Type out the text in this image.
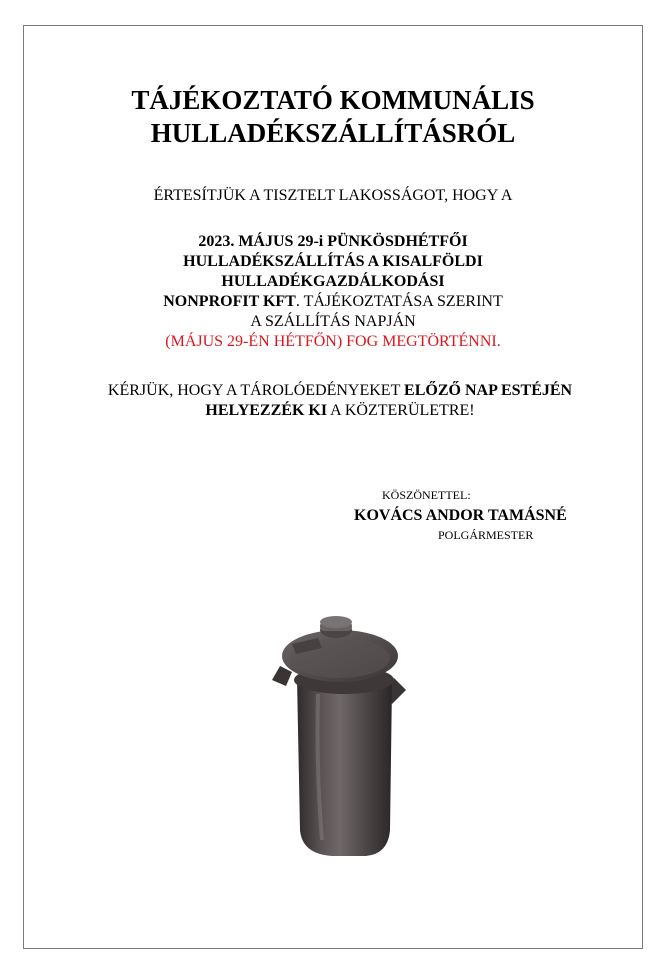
TÁJÉKOZTATÓ KOMMUNÁLIS
HULLADÉKSZÁLLÍTÁSRÓL

ÉRTESÍTJÜK A TISZTELT LAKOSSÁGOT, HOGY A

2023. MÁJUS 29-i PÜNKÖSDHÉTFŐI
HULLADÉKSZÁLLÍTÁS A KISALFÖLDI
HULLADÉKGAZDÁLKODÁSI
NONPROFIT KFT. TÁJÉKOZTATÁSA SZERINT
A SZÁLLÍTÁS NAPJÁN
(MÁJUS 29-ÉN HÉTFŐN) FOG MEGTÖRTÉNNI.

KÉRJÜK, HOGY A TÁROLÓEDÉNYEKET ELŐZŐ NAP ESTÉJÉN
HELYEZZÉK KI A KÖZTERÜLETRE!

KÖSZÖNETTEL:
KOVÁCS ANDOR TAMÁSNÉ
POLGÁRMESTER
